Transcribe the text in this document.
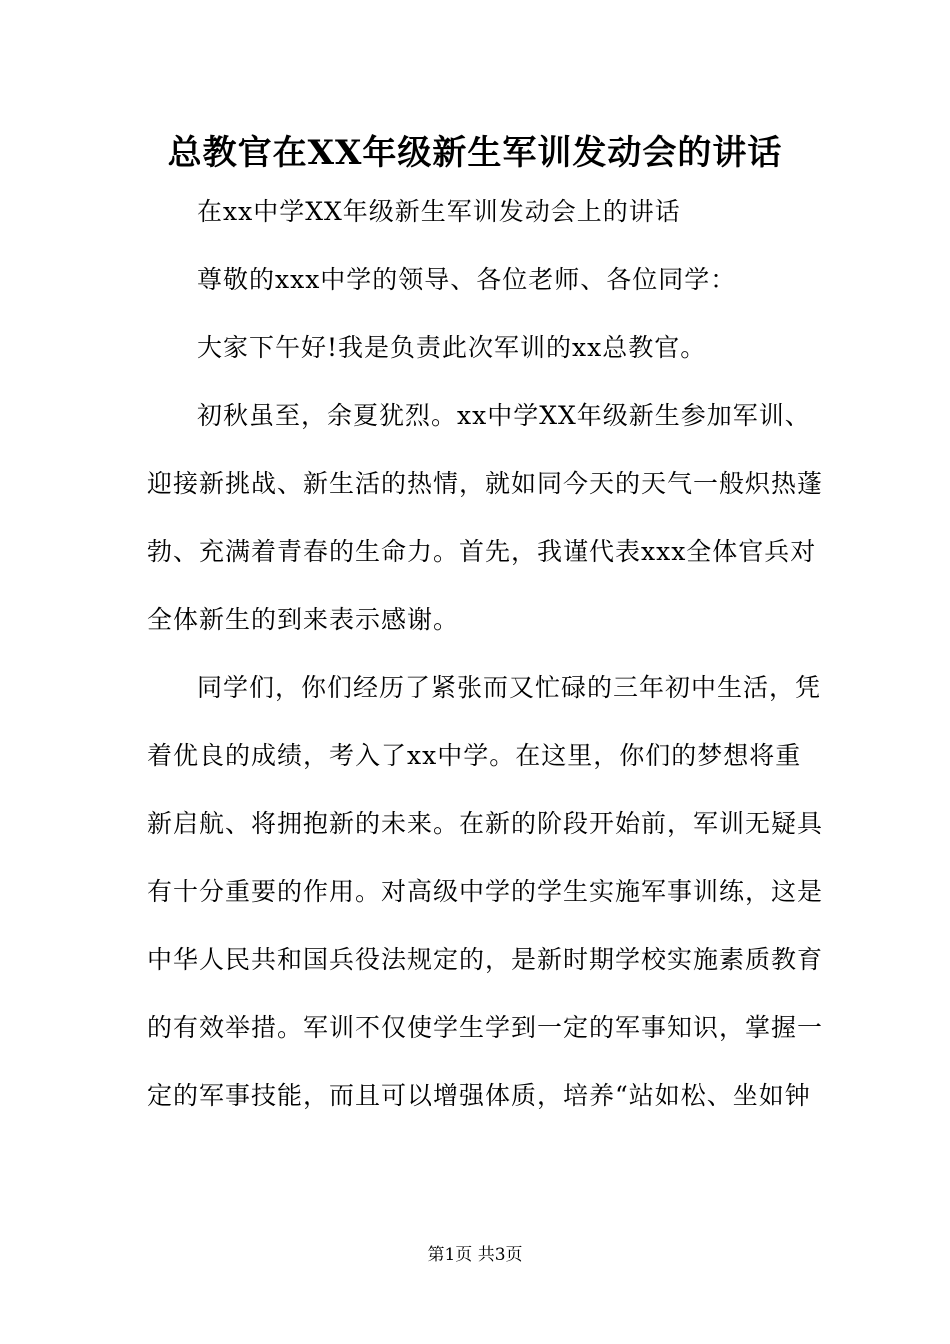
总教官在XX年级新生军训发动会的讲话
在xx中学XX年级新生军训发动会上的讲话
尊敬的xxx中学的领导、各位老师、各位同学：
大家下午好!我是负责此次军训的xx总教官。
初秋虽至，余夏犹烈。xx中学XX年级新生参加军训、
迎接新挑战、新生活的热情，就如同今天的天气一般炽热蓬
勃、充满着青春的生命力。首先，我谨代表xxx全体官兵对
全体新生的到来表示感谢。
同学们，你们经历了紧张而又忙碌的三年初中生活，凭
着优良的成绩，考入了xx中学。在这里，你们的梦想将重
新启航、将拥抱新的未来。在新的阶段开始前，军训无疑具
有十分重要的作用。对高级中学的学生实施军事训练，这是
中华人民共和国兵役法规定的，是新时期学校实施素质教育
的有效举措。军训不仅使学生学到一定的军事知识，掌握一
定的军事技能，而且可以增强体质，培养“站如松、坐如钟
第1页 共3页
